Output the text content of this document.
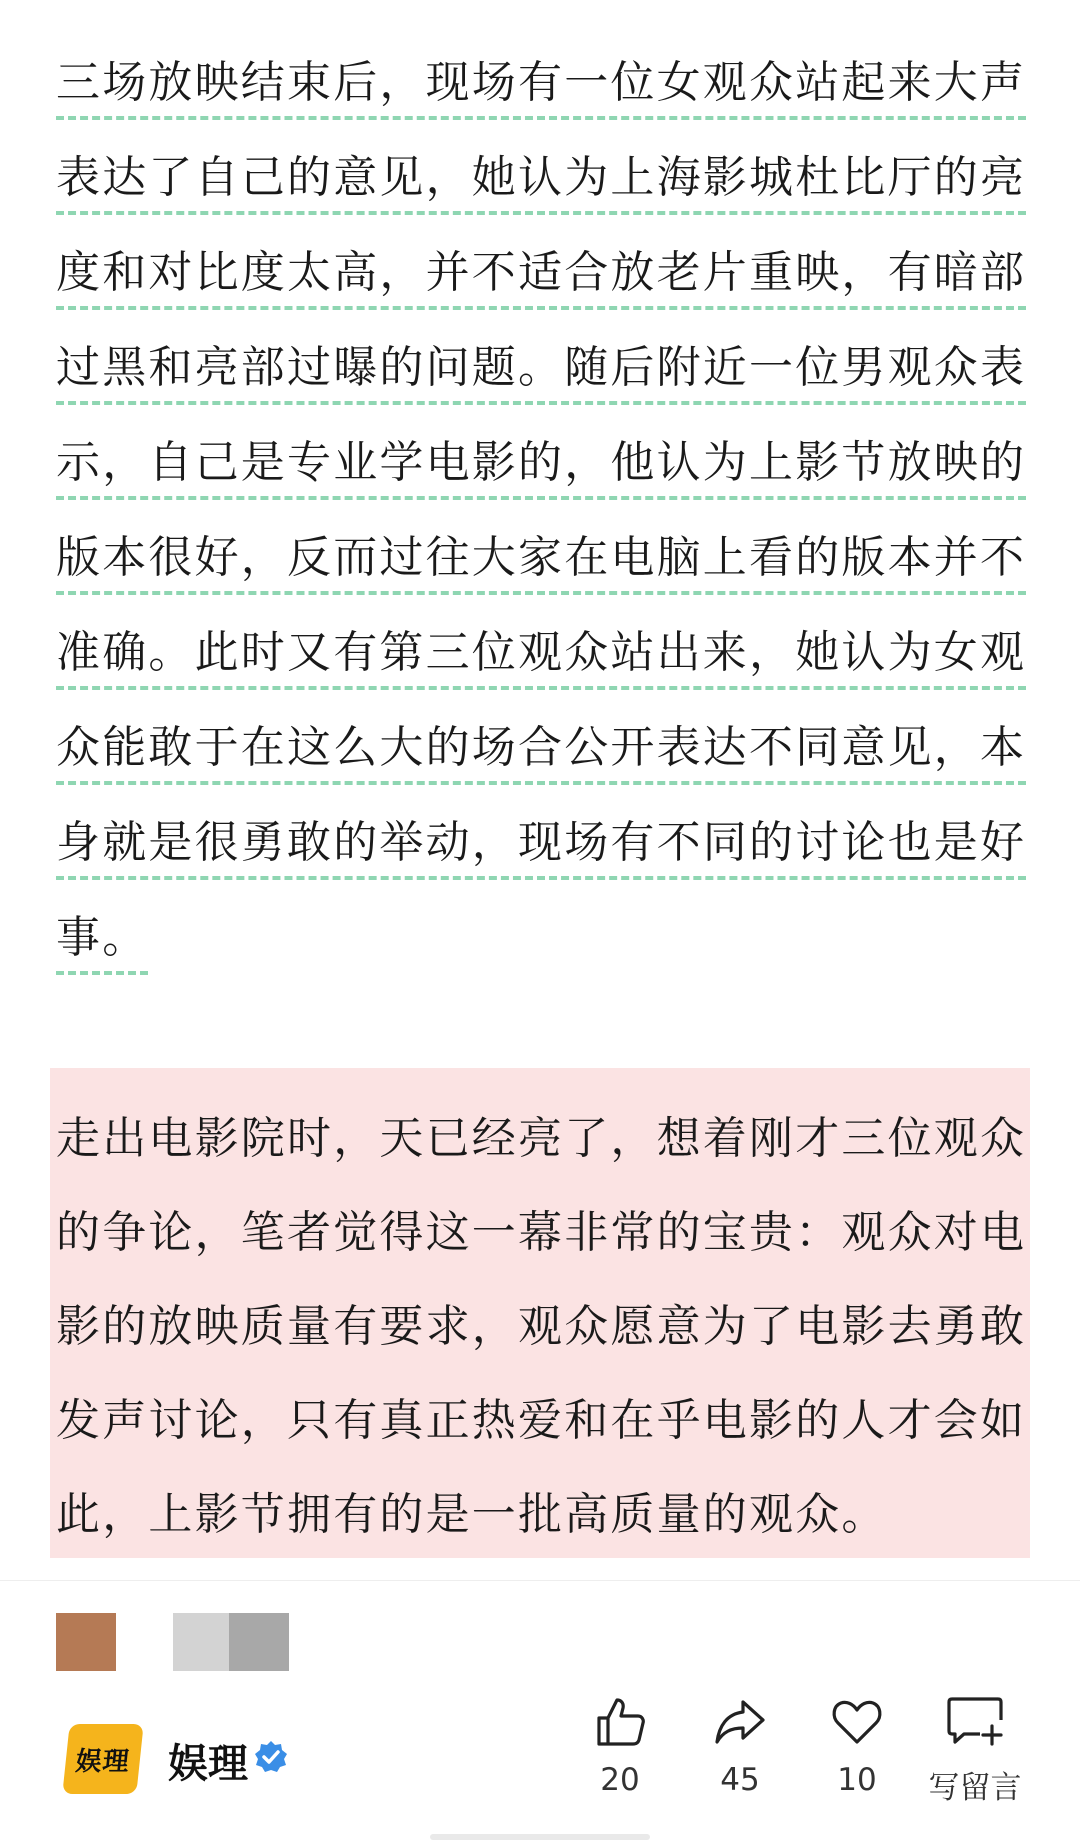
三场放映结束后，现场有一位女观众站起来大声
表达了自己的意见，她认为上海影城杜比厅的亮
度和对比度太高，并不适合放老片重映，有暗部
过黑和亮部过曝的问题。随后附近一位男观众表
示，自己是专业学电影的，他认为上影节放映的
版本很好，反而过往大家在电脑上看的版本并不
准确。此时又有第三位观众站出来，她认为女观
众能敢于在这么大的场合公开表达不同意见，本
身就是很勇敢的举动，现场有不同的讨论也是好
事。
走出电影院时，天已经亮了，想着刚才三位观众
的争论，笔者觉得这一幕非常的宝贵：观众对电
影的放映质量有要求，观众愿意为了电影去勇敢
发声讨论，只有真正热爱和在乎电影的人才会如
此，上影节拥有的是一批高质量的观众。
娱理 娱理	20	45	10	写留言
